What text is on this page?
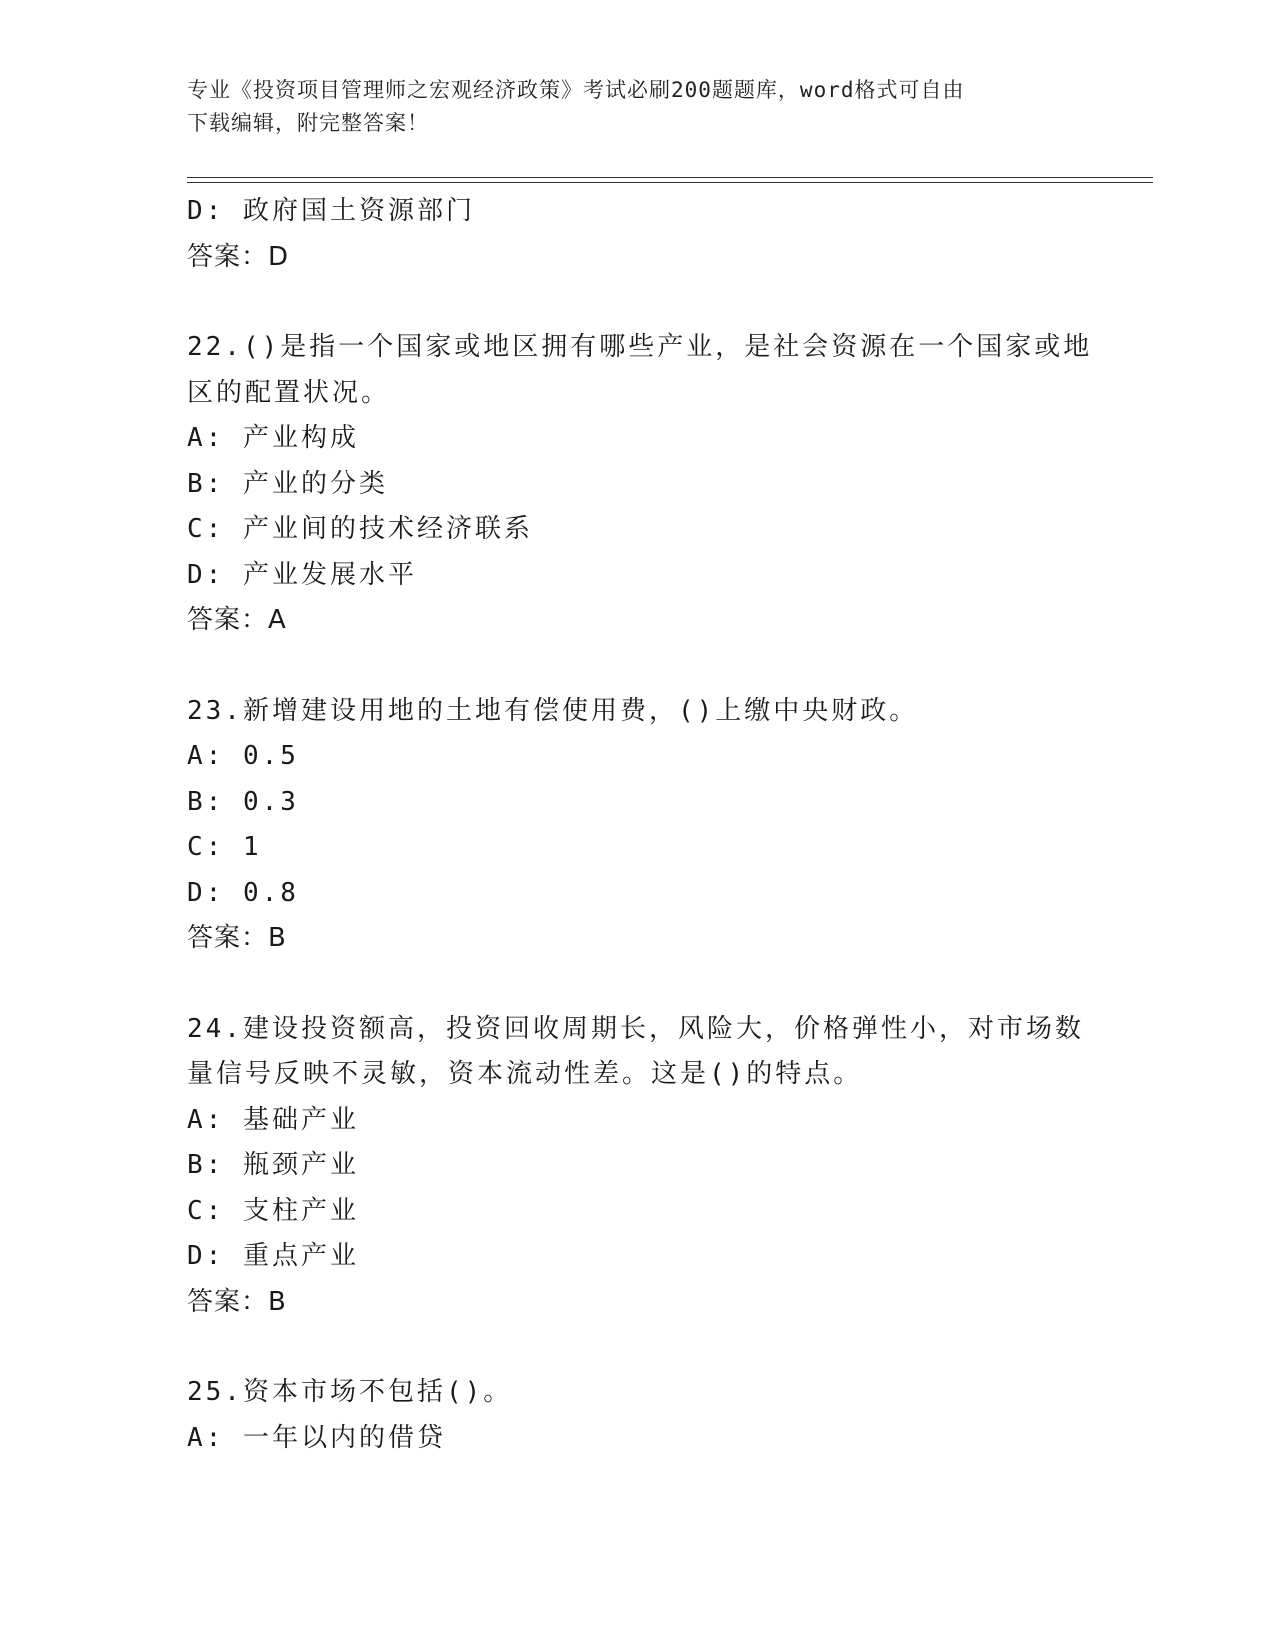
专业《投资项目管理师之宏观经济政策》考试必刷200题题库，word格式可自由
下载编辑，附完整答案！
D: 政府国土资源部门
答案：D
22.()是指一个国家或地区拥有哪些产业，是社会资源在一个国家或地
区的配置状况。
A: 产业构成
B: 产业的分类
C: 产业间的技术经济联系
D: 产业发展水平
答案：A
23.新增建设用地的土地有偿使用费，()上缴中央财政。
A: 0.5
B: 0.3
C: 1
D: 0.8
答案：B
24.建设投资额高，投资回收周期长，风险大，价格弹性小，对市场数
量信号反映不灵敏，资本流动性差。这是()的特点。
A: 基础产业
B: 瓶颈产业
C: 支柱产业
D: 重点产业
答案：B
25.资本市场不包括()。
A: 一年以内的借贷
